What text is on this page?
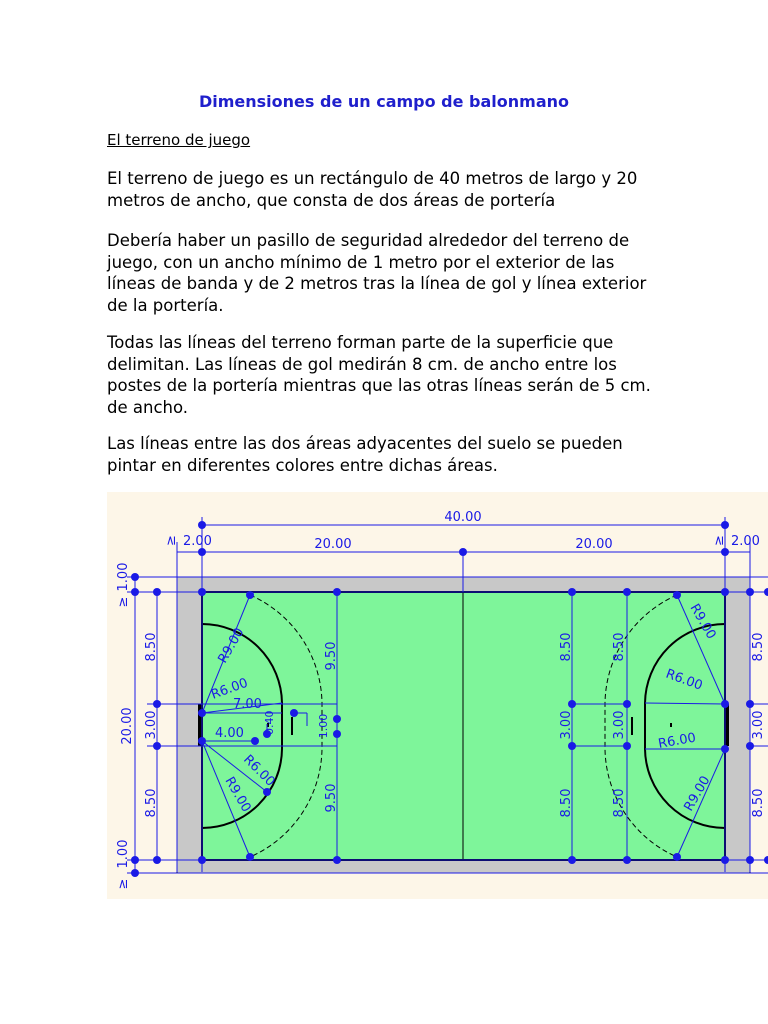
Dimensiones de un campo de balonmano
El terreno de juego
El terreno de juego es un rectángulo de 40 metros de largo y 20 metros de ancho, que consta de dos áreas de portería
Debería haber un pasillo de seguridad alrededor del terreno de juego, con un ancho mínimo de 1 metro por el exterior de las líneas de banda y de 2 metros tras la línea de gol y línea exterior de la portería.
Todas las líneas del terreno forman parte de la superficie que delimitan. Las líneas de gol medirán 8 cm. de ancho entre los postes de la portería mientras que las otras líneas serán de 5 cm. de ancho.
Las líneas entre las dos áreas adyacentes del suelo se pueden pintar en diferentes colores entre dichas áreas.
40.00
20.00	20.00
2.00	2.00
≥	≥
20.00
1.00
≥
1.00
≥
8.50
3.00
8.50
R9.00
R6.00
7.00
4.00 0.40
R6.00
R9.00
9.50
1.00
9.50
8.50
3.00
8.50
8.50
3.00
8.50
R9.00
R6.00
R6.00
R9.00
8.50
3.00
8.50
